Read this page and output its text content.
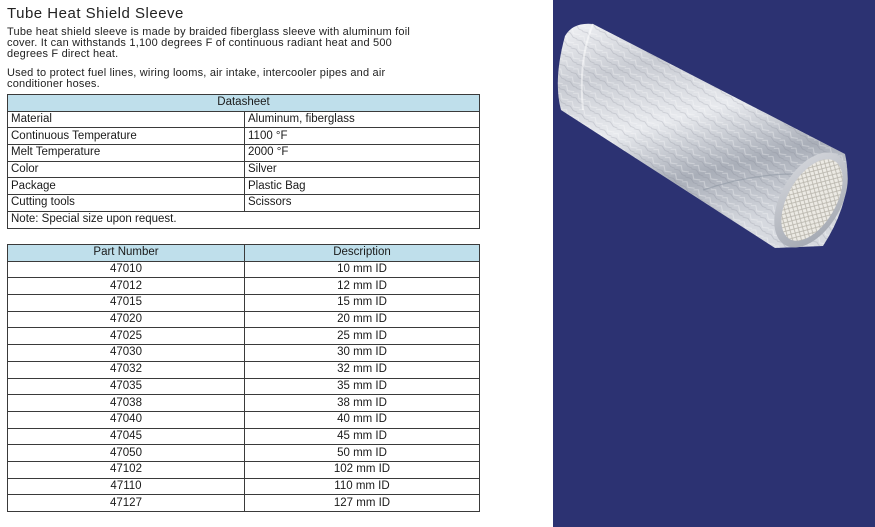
Tube Heat Shield Sleeve

Tube heat shield sleeve is made by braided fiberglass sleeve with aluminum foil
cover. It can withstands 1,100 degrees F of continuous radiant heat and 500
degrees F direct heat.

Used to protect fuel lines, wiring looms, air intake, intercooler pipes and air
conditioner hoses.

Datasheet	
Material	Aluminum, fiberglass
Continuous Temperature	1100 °F
Melt Temperature	2000 °F
Color	Silver
Package	Plastic Bag
Cutting tools	Scissors
Note: Special size upon request.	
Part Number	Description
47010	10 mm ID
47012	12 mm ID
47015	15 mm ID
47020	20 mm ID
47025	25 mm ID
47030	30 mm ID
47032	32 mm ID
47035	35 mm ID
47038	38 mm ID
47040	40 mm ID
47045	45 mm ID
47050	50 mm ID
47102	102 mm ID
47110	110 mm ID
47127	127 mm ID
